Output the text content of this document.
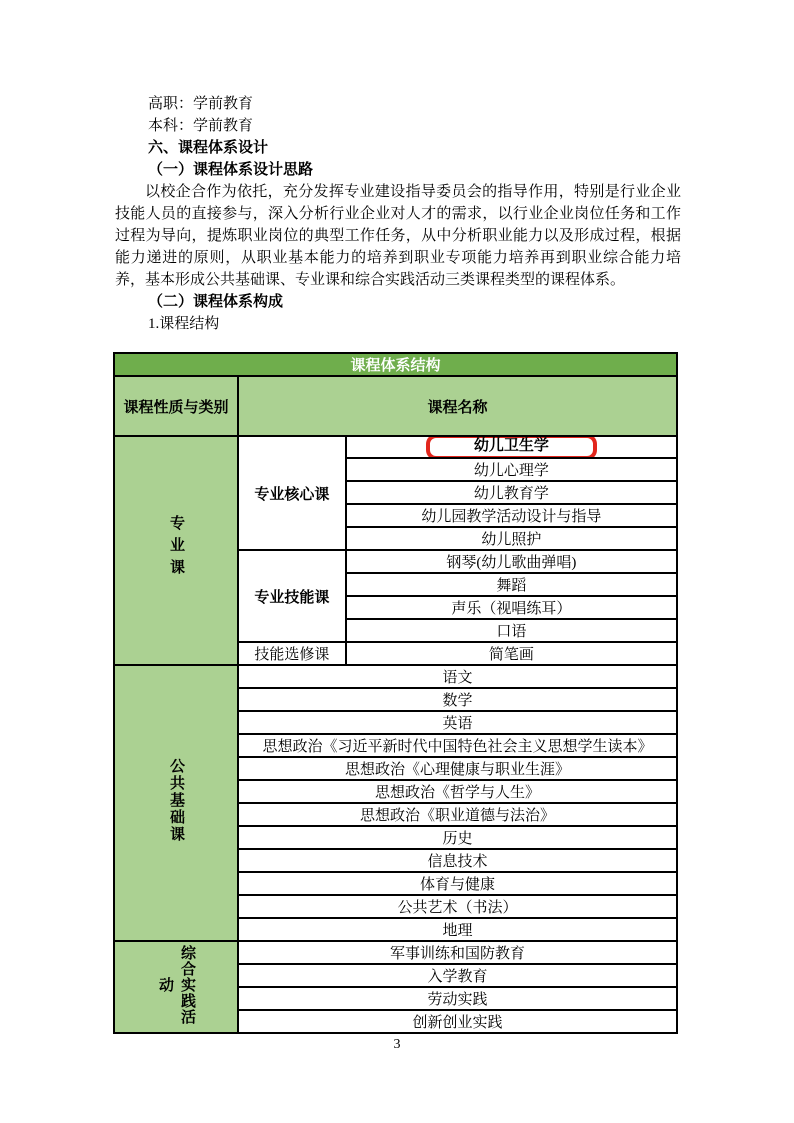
高职：学前教育
本科：学前教育
六、课程体系设计
（一）课程体系设计思路
以校企合作为依托，充分发挥专业建设指导委员会的指导作用，特别是行业企业技能人员的直接参与，深入分析行业企业对人才的需求，以行业企业岗位任务和工作过程为导向，提炼职业岗位的典型工作任务，从中分析职业能力以及形成过程，根据能力递进的原则，从职业基本能力的培养到职业专项能力培养再到职业综合能力培养，基本形成公共基础课、专业课和综合实践活动三类课程类型的课程体系。
（二）课程体系构成
1.课程结构
课程体系结构		
课程性质与类别	课程名称	
专业课	专业核心课	幼儿卫生学
		幼儿心理学
		幼儿教育学
		幼儿园教学活动设计与指导
		幼儿照护
	专业技能课	钢琴(幼儿歌曲弹唱)
		舞蹈
		声乐（视唱练耳）
		口语
	技能选修课	简笔画
公共基础课	语文	
	数学	
	英语	
	思想政治《习近平新时代中国特色社会主义思想学生读本》	
	思想政治《心理健康与职业生涯》	
	思想政治《哲学与人生》	
	思想政治《职业道德与法治》	
	历史	
	信息技术	
	体育与健康	
	公共艺术（书法）	
	地理	
综合实践活动	军事训练和国防教育	
	入学教育	
	劳动实践	
	创新创业实践	
3
